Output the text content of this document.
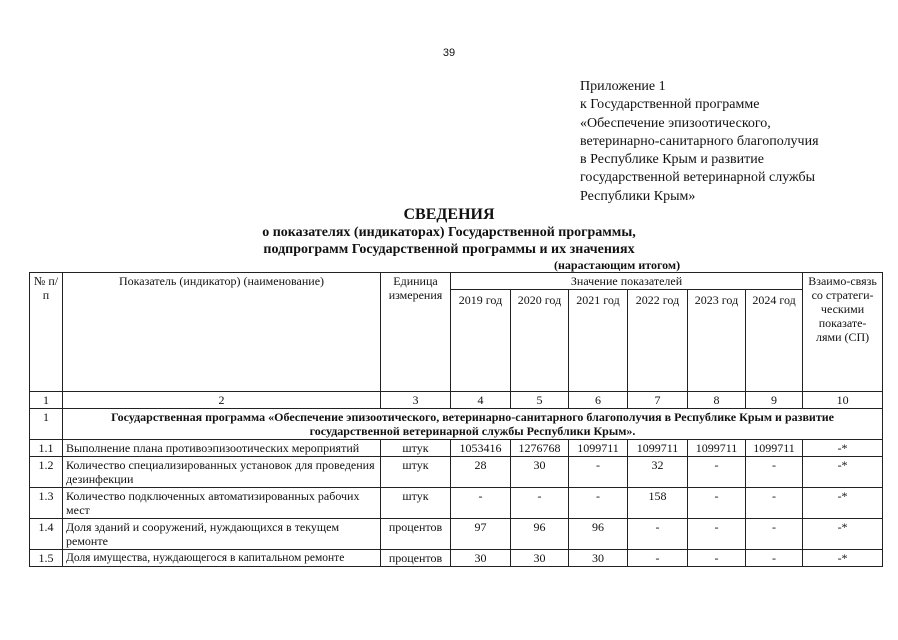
39
Приложение 1
к Государственной программе
«Обеспечение эпизоотического,
ветеринарно-санитарного благополучия
в Республике Крым и развитие
государственной ветеринарной службы
Республики Крым»
СВЕДЕНИЯ
о показателях (индикаторах) Государственной программы,
подпрограмм Государственной программы и их значениях
(нарастающим итогом)
№ п/п	Показатель (индикатор) (наименование)	Единица измерения	Значение показателей						Взаимо-связь со стратеги-ческими показате-лями (СП)
			2019 год	2020 год	2021 год	2022 год	2023 год	2024 год	
1	2	3	4	5	6	7	8	9	10
1	Государственная программа «Обеспечение эпизоотического, ветеринарно-санитарного благополучия в Республике Крым и развитие государственной ветеринарной службы Республики Крым».								
1.1	Выполнение плана противоэпизоотических мероприятий	штук	1053416	1276768	1099711	1099711	1099711	1099711	-*
1.2	Количество специализированных установок для проведения дезинфекции	штук	28	30	-	32	-	-	-*
1.3	Количество подключенных автоматизированных рабочих мест	штук	-	-	-	158	-	-	-*
1.4	Доля зданий и сооружений, нуждающихся в текущем ремонте	процентов	97	96	96	-	-	-	-*
1.5	Доля имущества, нуждающегося в капитальном ремонте	процентов	30	30	30	-	-	-	-*
